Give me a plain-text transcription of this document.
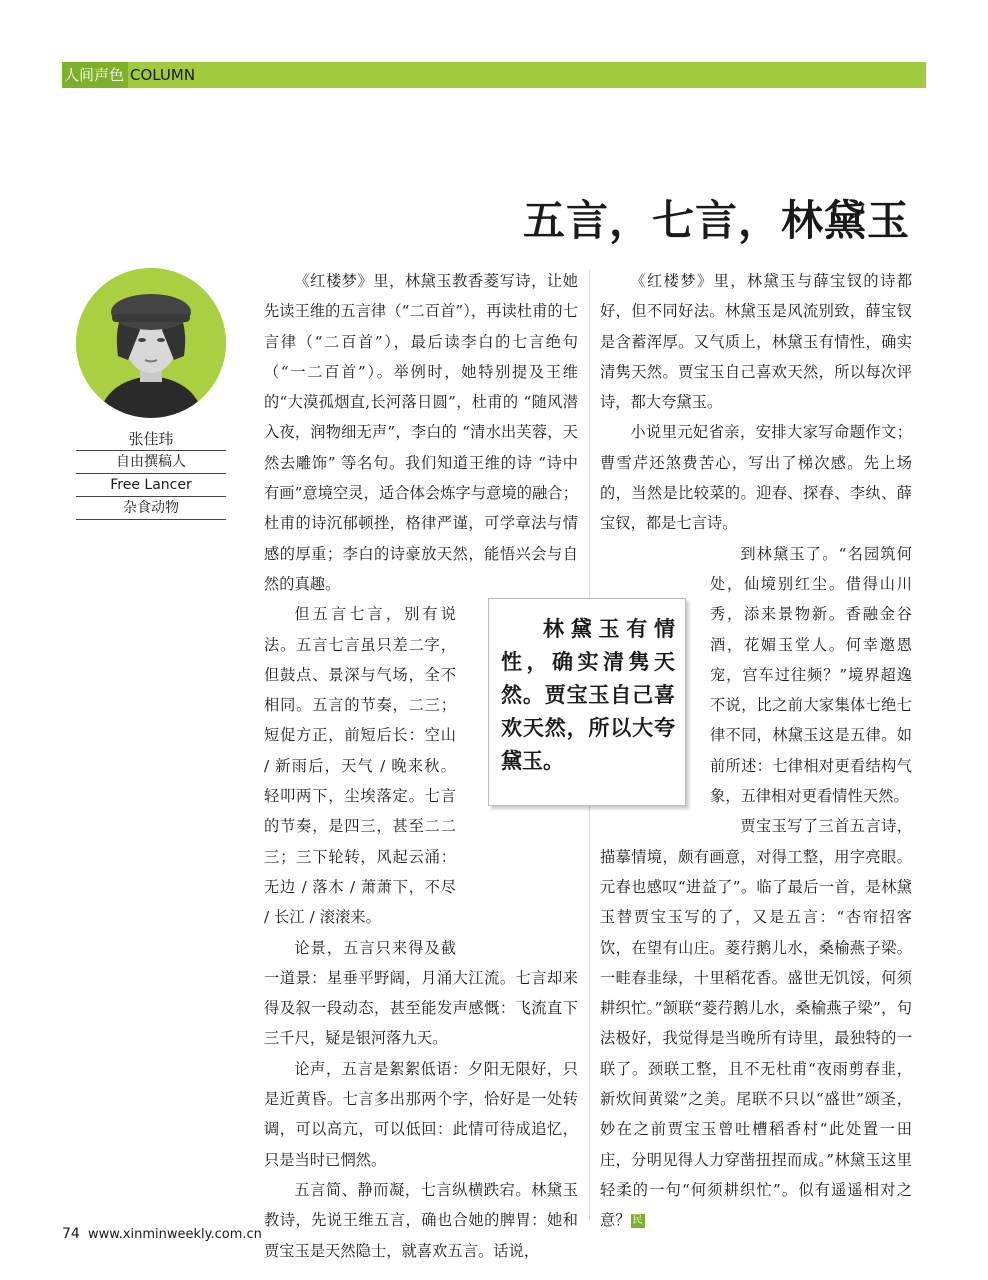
人间声色 COLUMN
五言，七言，林黛玉
张佳玮
自由撰稿人
Free Lancer
杂食动物

《红楼梦》里，林黛玉教香菱写诗，让她先读王维的五言律（“二百首”），再读杜甫的七言律（“二百首”），最后读李白的七言绝句（“一二百首”）。举例时，她特别提及王维的“大漠孤烟直,长河落日圆”，杜甫的 “随风潜入夜，润物细无声”，李白的 “清水出芙蓉，天然去雕饰” 等名句。我们知道王维的诗 “诗中有画”意境空灵，适合体会炼字与意境的融合；杜甫的诗沉郁顿挫，格律严谨，可学章法与情感的厚重；李白的诗豪放天然，能悟兴会与自然的真趣。

但五言七言，别有说法。五言七言虽只差二字，但鼓点、景深与气场，全不相同。五言的节奏，二三；短促方正，前短后长：空山 / 新雨后，天气 / 晚来秋。轻叩两下，尘埃落定。七言的节奏，是四三，甚至二二三；三下轮转，风起云涌：无边 / 落木 / 萧萧下，不尽 / 长江 / 滚滚来。

论景，五言只来得及截一道景：星垂平野阔，月涌大江流。七言却来得及叙一段动态，甚至能发声感慨：飞流直下三千尺，疑是银河落九天。

论声，五言是絮絮低语：夕阳无限好，只是近黄昏。七言多出那两个字，恰好是一处转调，可以高亢，可以低回：此情可待成追忆，只是当时已惘然。

五言简、静而凝，七言纵横跌宕。林黛玉教诗，先说王维五言，确也合她的脾胃：她和贾宝玉是天然隐士，就喜欢五言。话说，

《红楼梦》里，林黛玉与薛宝钗的诗都好，但不同好法。林黛玉是风流别致，薛宝钗是含蓄浑厚。又气质上，林黛玉有情性，确实清隽天然。贾宝玉自己喜欢天然，所以每次评诗，都大夸黛玉。

小说里元妃省亲，安排大家写命题作文；曹雪芹还煞费苦心，写出了梯次感。先上场的，当然是比较菜的。迎春、探春、李纨、薛宝钗，都是七言诗。

到林黛玉了。“名园筑何处，仙境别红尘。借得山川秀，添来景物新。香融金谷酒，花媚玉堂人。何幸邀恩宠，宫车过往频？”境界超逸不说，比之前大家集体七绝七律不同，林黛玉这是五律。如前所述：七律相对更看结构气象，五律相对更看情性天然。

贾宝玉写了三首五言诗，描摹情境，颇有画意，对得工整，用字亮眼。元春也感叹“进益了”。临了最后一首，是林黛玉替贾宝玉写的了，又是五言：“杏帘招客饮，在望有山庄。菱荇鹅儿水，桑榆燕子梁。一畦春韭绿，十里稻花香。盛世无饥馁，何须耕织忙。”颔联“菱荇鹅儿水，桑榆燕子梁”，句法极好，我觉得是当晚所有诗里，最独特的一联了。颈联工整，且不无杜甫“夜雨剪春韭，新炊间黄粱”之美。尾联不只以“盛世”颂圣，妙在之前贾宝玉曾吐槽稻香村“此处置一田庄，分明见得人力穿凿扭捏而成。”林黛玉这里轻柔的一句“何须耕织忙”。似有遥遥相对之意？ 民

林黛玉有情性，确实清隽天然。贾宝玉自己喜欢天然，所以大夸黛玉。
74 www.xinminweekly.com.cn
